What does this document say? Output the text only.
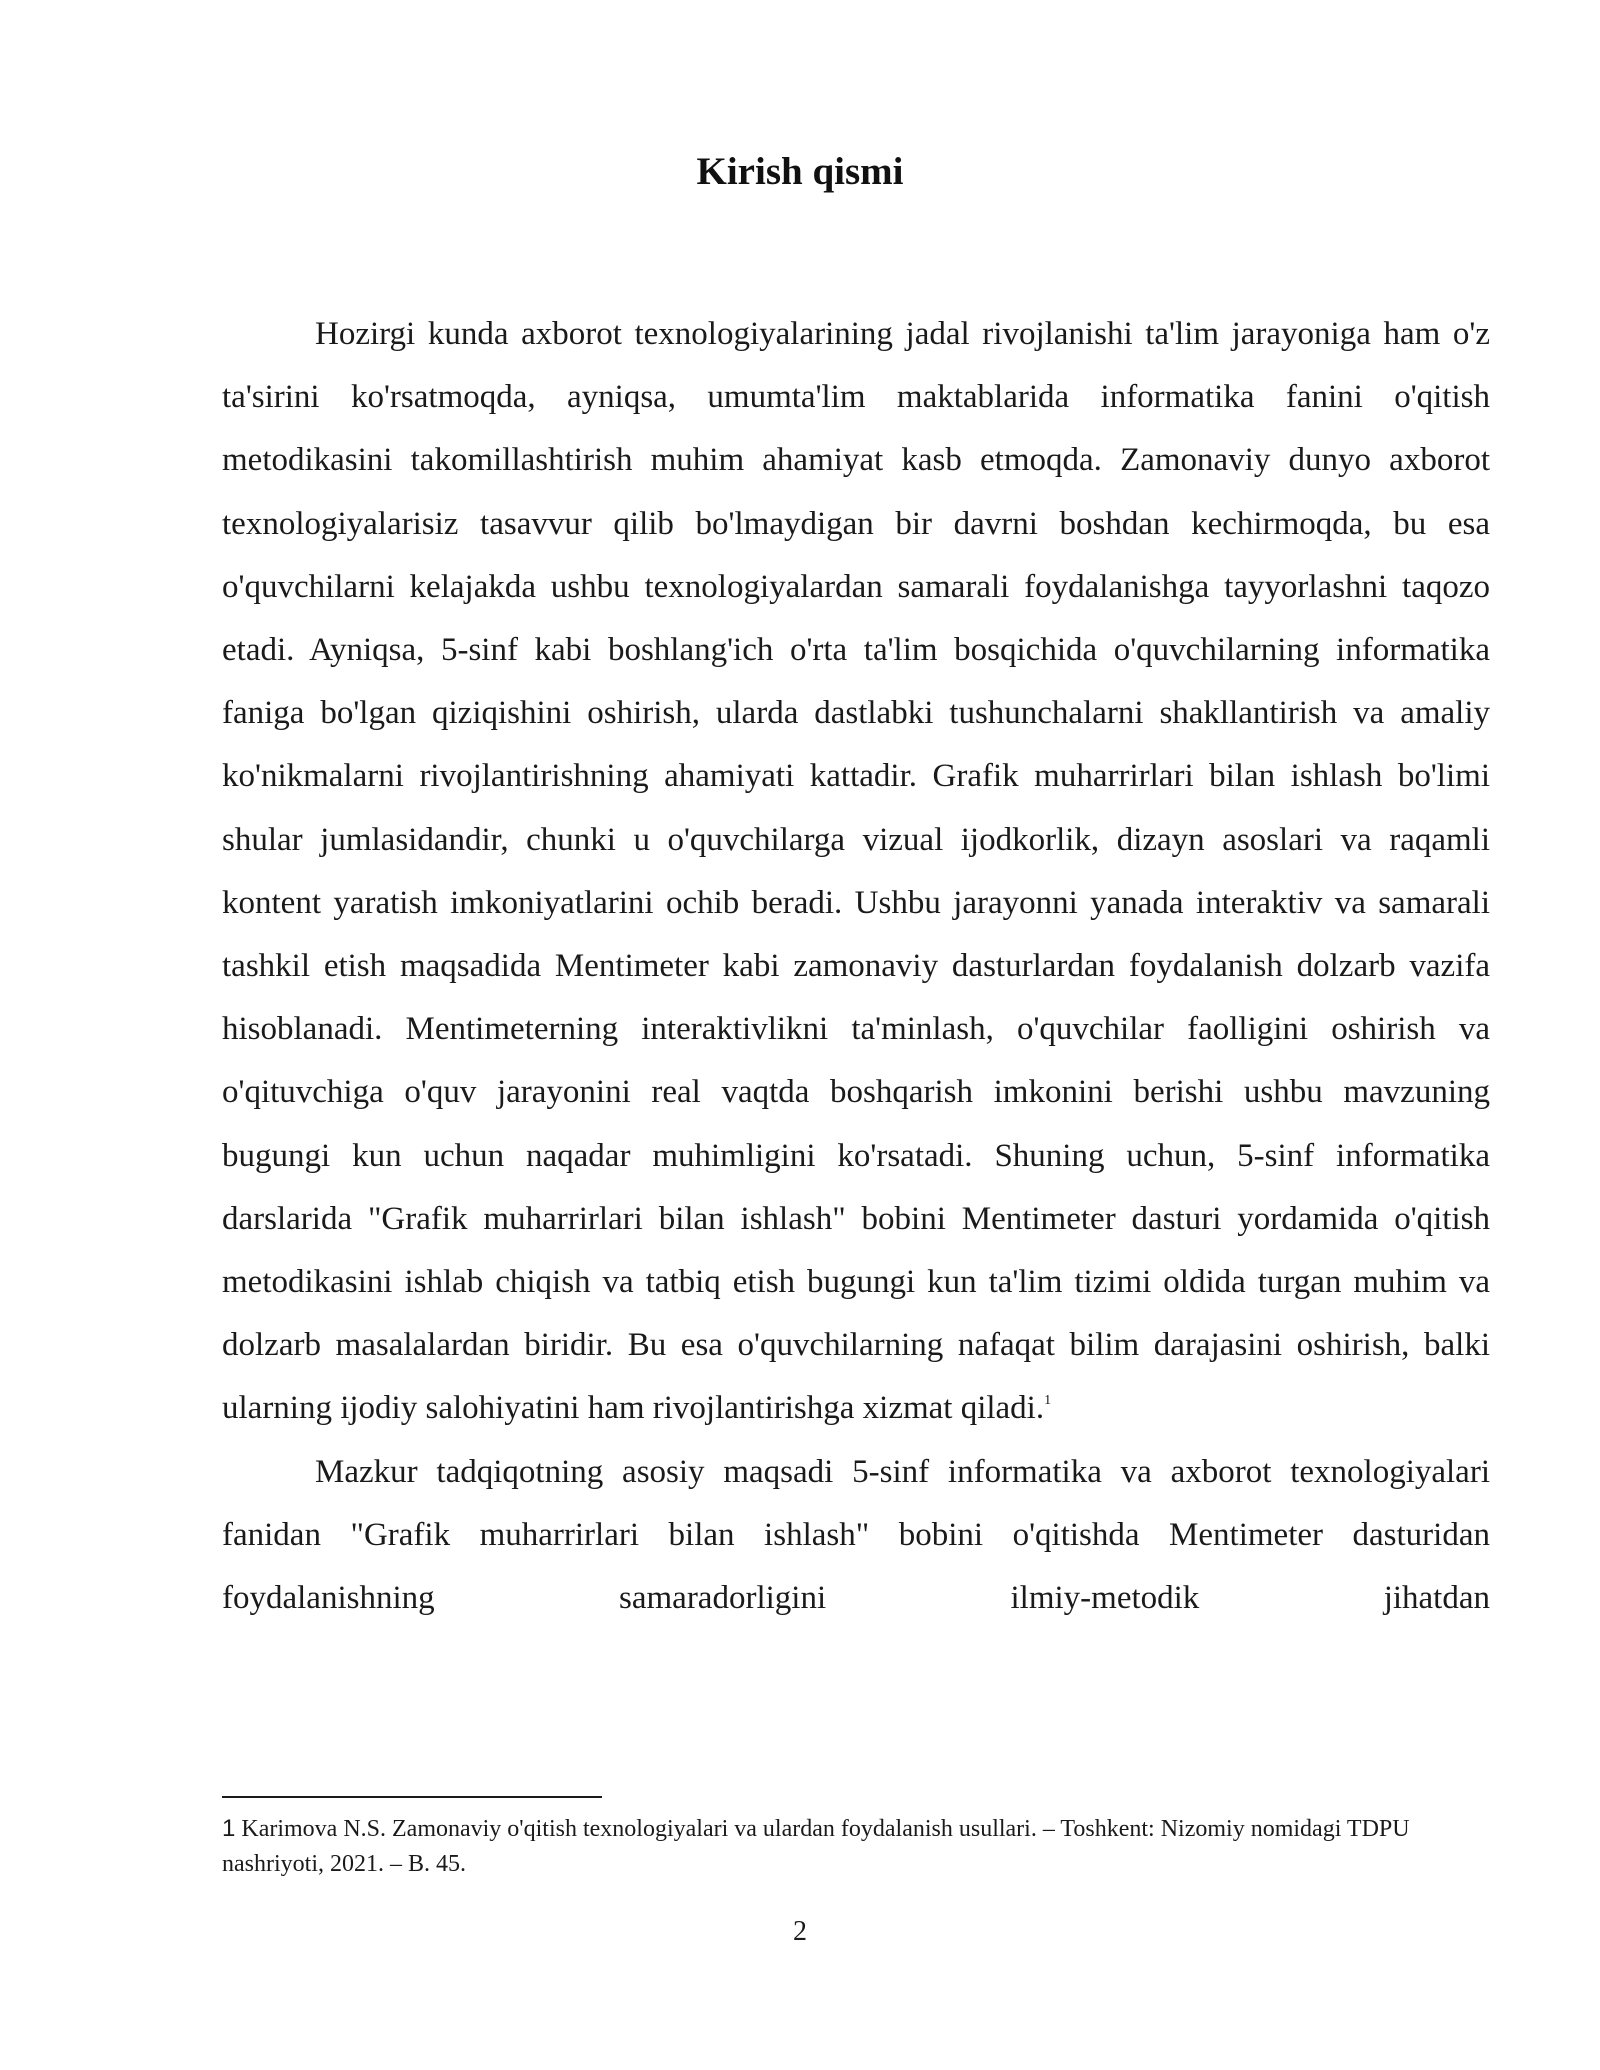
Kirish qismi

Hozirgi kunda axborot texnologiyalarining jadal rivojlanishi ta'lim jarayoniga ham o'z ta'sirini ko'rsatmoqda, ayniqsa, umumta'lim maktablarida informatika fanini o'qitish metodikasini takomillashtirish muhim ahamiyat kasb etmoqda. Zamonaviy dunyo axborot texnologiyalarisiz tasavvur qilib bo'lmaydigan bir davrni boshdan kechirmoqda, bu esa o'quvchilarni kelajakda ushbu texnologiyalardan samarali foydalanishga tayyorlashni taqozo etadi. Ayniqsa, 5-sinf kabi boshlang'ich o'rta ta'lim bosqichida o'quvchilarning informatika faniga bo'lgan qiziqishini oshirish, ularda dastlabki tushunchalarni shakllantirish va amaliy ko'nikmalarni rivojlantirishning ahamiyati kattadir. Grafik muharrirlari bilan ishlash bo'limi shular jumlasidandir, chunki u o'quvchilarga vizual ijodkorlik, dizayn asoslari va raqamli kontent yaratish imkoniyatlarini ochib beradi. Ushbu jarayonni yanada interaktiv va samarali tashkil etish maqsadida Mentimeter kabi zamonaviy dasturlardan foydalanish dolzarb vazifa hisoblanadi. Mentimeterning interaktivlikni ta'minlash, o'quvchilar faolligini oshirish va o'qituvchiga o'quv jarayonini real vaqtda boshqarish imkonini berishi ushbu mavzuning bugungi kun uchun naqadar muhimligini ko'rsatadi. Shuning uchun, 5-sinf informatika darslarida "Grafik muharrirlari bilan ishlash" bobini Mentimeter dasturi yordamida o'qitish metodikasini ishlab chiqish va tatbiq etish bugungi kun ta'lim tizimi oldida turgan muhim va dolzarb masalalardan biridir. Bu esa o'quvchilarning nafaqat bilim darajasini oshirish, balki ularning ijodiy salohiyatini ham rivojlantirishga xizmat qiladi.$^1$

Mazkur tadqiqotning asosiy maqsadi 5-sinf informatika va axborot texnologiyalari fanidan "Grafik muharrirlari bilan ishlash" bobini o'qitishda Mentimeter dasturidan foydalanishning samaradorligini ilmiy-metodik jihatdan

1 Karimova N.S. Zamonaviy o'qitish texnologiyalari va ulardan foydalanish usullari. – Toshkent: Nizomiy nomidagi TDPU nashriyoti, 2021. – B. 45.

2
